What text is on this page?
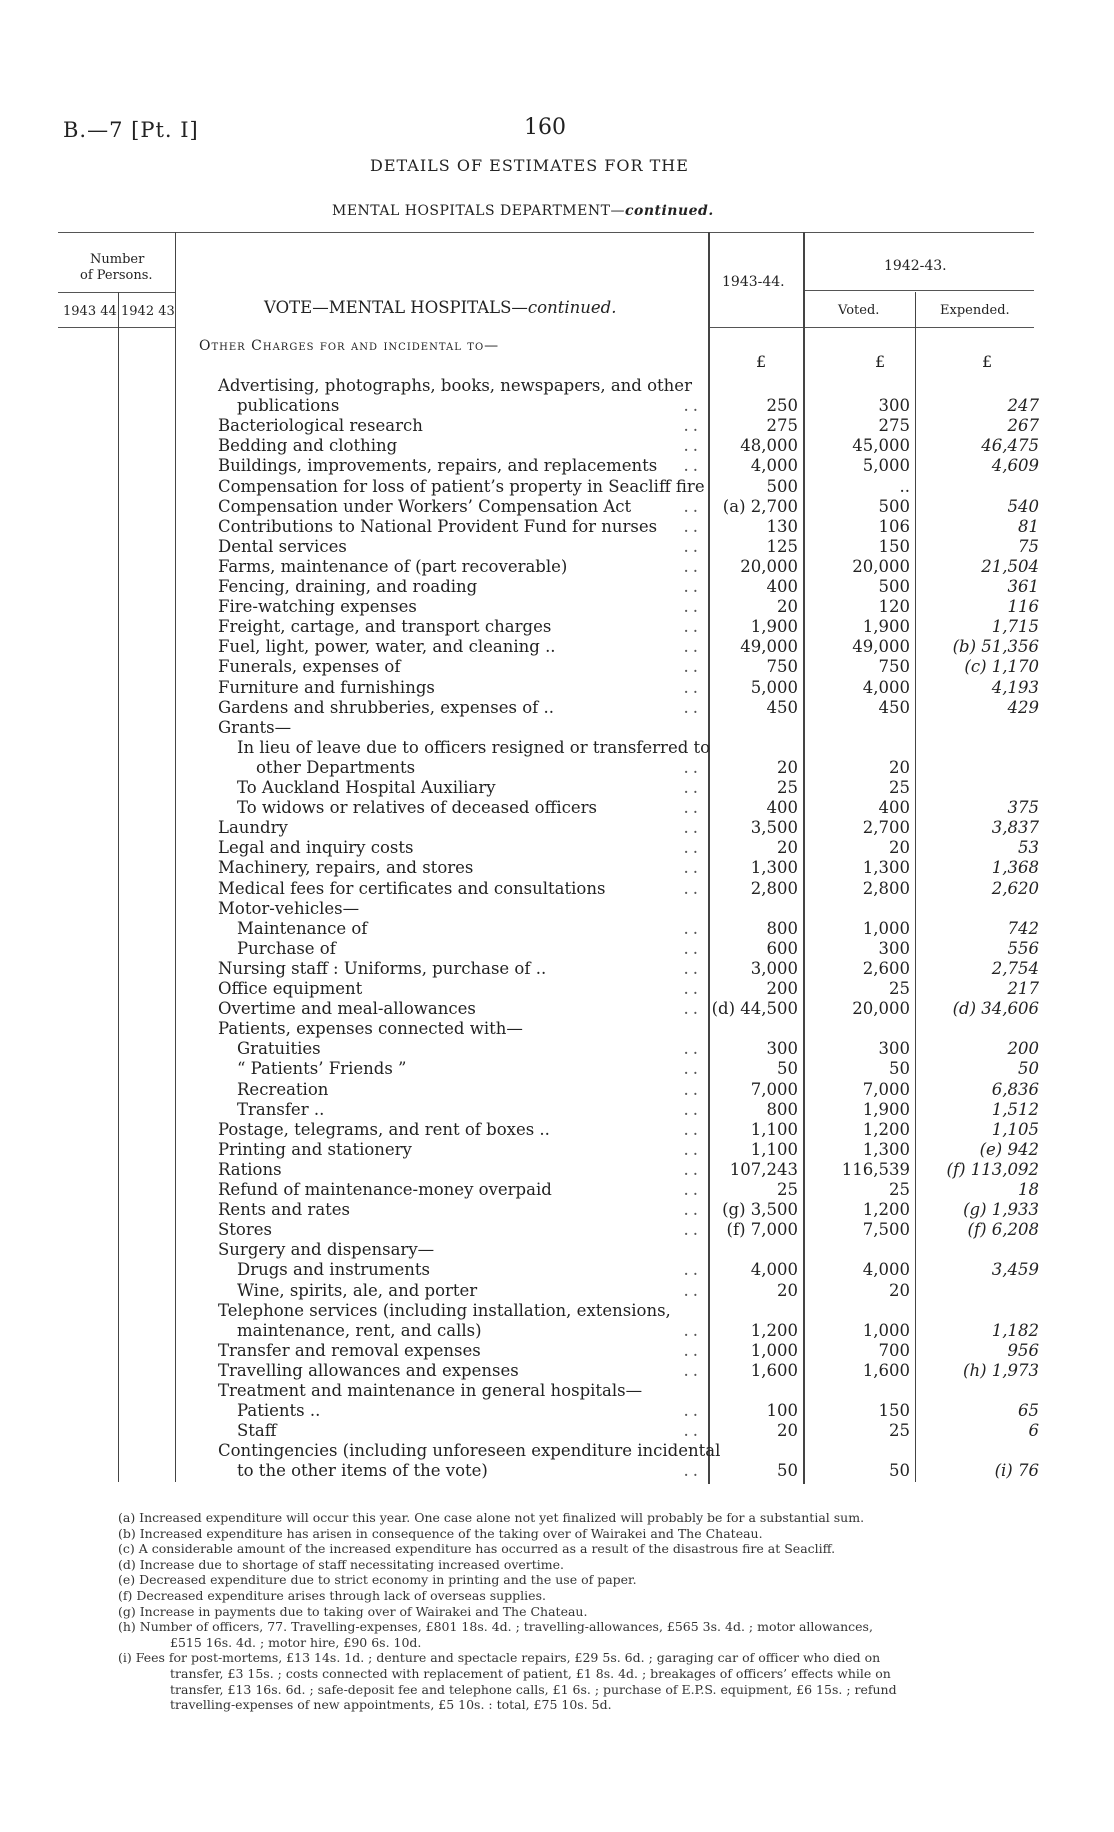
B.—7 [Pt. I]	160
DETAILS OF ESTIMATES FOR THE
MENTAL HOSPITALS DEPARTMENT—continued.
Number
of Persons.
1943 44 1942 43
1943-44.
1942-43.
Voted.	Expended.
VOTE—MENTAL HOSPITALS—continued.
Other Charges for and incidental to—
£	£	£
Advertising, photographs, books, newspapers, and other
publications	..	250	300	247
Bacteriological research	..	275	275	267
Bedding and clothing	.. 48,000	45,000	46,475
Buildings, improvements, repairs, and replacements ..	4,000	5,000	4,609
Compensation for loss of patient’s property in Seacliff fire	500	..
Compensation under Workers’ Compensation Act	.. (a) 2,700	500	540
Contributions to National Provident Fund for nurses ..	130	106	81
Dental services	..	125	150	75
Farms, maintenance of (part recoverable)	.. 20,000	20,000	21,504
Fencing, draining, and roading	..	400	500	361
Fire-watching expenses	..	20	120	116
Freight, cartage, and transport charges	..	1,900	1,900	1,715
Fuel, light, power, water, and cleaning ..	.. 49,000	49,000	(b) 51,356
Funerals, expenses of	..	750	750	(c) 1,170
Furniture and furnishings	..	5,000	4,000	4,193
Gardens and shrubberies, expenses of ..	..	450	450	429
Grants—
In lieu of leave due to officers resigned or transferred to
other Departments	..	20	20
To Auckland Hospital Auxiliary	..	25	25
To widows or relatives of deceased officers	..	400	400	375
Laundry	..	3,500	2,700	3,837
Legal and inquiry costs	..	20	20	53
Machinery, repairs, and stores	..	1,300	1,300	1,368
Medical fees for certificates and consultations	..	2,800	2,800	2,620
Motor-vehicles—
Maintenance of	..	800	1,000	742
Purchase of	..	600	300	556
Nursing staff : Uniforms, purchase of ..	..	3,000	2,600	2,754
Office equipment	..	200	25	217
Overtime and meal-allowances	.. (d) 44,500	20,000	(d) 34,606
Patients, expenses connected with—
Gratuities	..	300	300	200
“ Patients’ Friends ”	..	50	50	50
Recreation	..	7,000	7,000	6,836
Transfer ..	..	800	1,900	1,512
Postage, telegrams, and rent of boxes ..	..	1,100	1,200	1,105
Printing and stationery	..	1,100	1,300	(e) 942
Rations	.. 107,243	116,539 (f) 113,092
Refund of maintenance-money overpaid	..	25	25	18
Rents and rates	.. (g) 3,500	1,200	(g) 1,933
Stores	.. (f) 7,000	7,500	(f) 6,208
Surgery and dispensary—
Drugs and instruments	..	4,000	4,000	3,459
Wine, spirits, ale, and porter	..	20	20
Telephone services (including installation, extensions,
maintenance, rent, and calls)	..	1,200	1,000	1,182
Transfer and removal expenses	..	1,000	700	956
Travelling allowances and expenses	..	1,600	1,600	(h) 1,973
Treatment and maintenance in general hospitals—
Patients ..	..	100	150	65
Staff	..	20	25	6
Contingencies (including unforeseen expenditure incidental
to the other items of the vote)	..	50	50	(i) 76
(a) Increased expenditure will occur this year. One case alone not yet finalized will probably be for a substantial sum.
(b) Increased expenditure has arisen in consequence of the taking over of Wairakei and The Chateau.
(c) A considerable amount of the increased expenditure has occurred as a result of the disastrous fire at Seacliff.
(d) Increase due to shortage of staff necessitating increased overtime.
(e) Decreased expenditure due to strict economy in printing and the use of paper.
(f) Decreased expenditure arises through lack of overseas supplies.
(g) Increase in payments due to taking over of Wairakei and The Chateau.
(h) Number of officers, 77. Travelling-expenses, £801 18s. 4d. ; travelling-allowances, £565 3s. 4d. ; motor allowances,
£515 16s. 4d. ; motor hire, £90 6s. 10d.
(i) Fees for post-mortems, £13 14s. 1d. ; denture and spectacle repairs, £29 5s. 6d. ; garaging car of officer who died on
transfer, £3 15s. ; costs connected with replacement of patient, £1 8s. 4d. ; breakages of officers’ effects while on
transfer, £13 16s. 6d. ; safe-deposit fee and telephone calls, £1 6s. ; purchase of E.P.S. equipment, £6 15s. ; refund
travelling-expenses of new appointments, £5 10s. : total, £75 10s. 5d.
